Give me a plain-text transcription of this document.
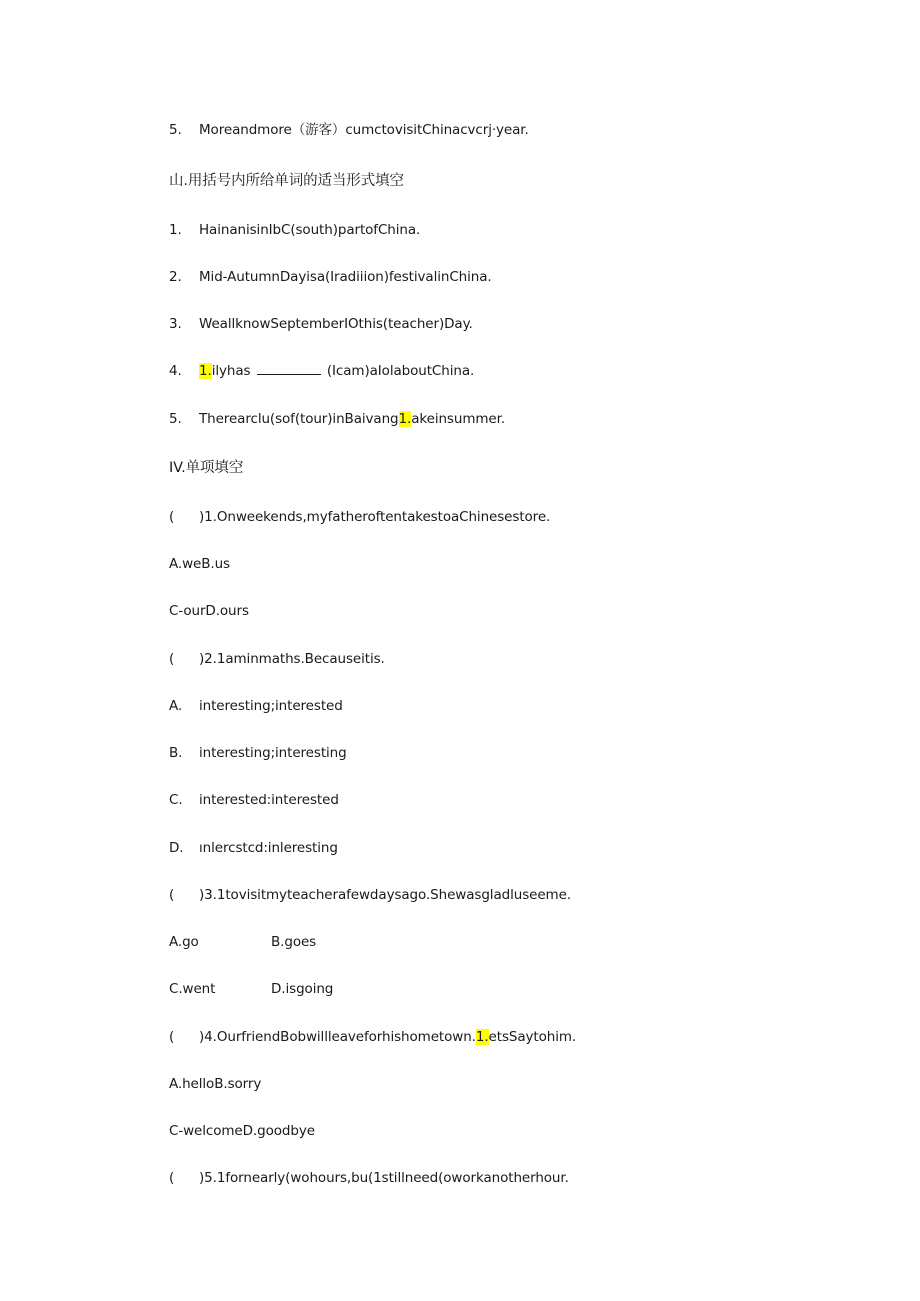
5. Moreandmore（游客）cumctovisitChinacvcrj·year.
山.用括号内所给单词的适当形式填空
1. HainanisinIbC(south)partofChina.
2. Mid-AutumnDayisa(Iradiiion)festivalinChina.
3. WeallknowSeptemberIOthis(teacher)Day.
4. 1.ilyhas	(Icam)aIolaboutChina.
5. Therearclu(sof(tour)inBaivang1.akeinsummer.
IV.单项填空
( )1.Onweekends,myfatheroftentakestoaChinesestore.
A.weB.us
C-ourD.ours
( )2.1aminmaths.Becauseitis.
A. interesting;interested
B. interesting;interesting
C. interested:interested
D. ınlercstcd:inleresting
( )3.1tovisitmyteacherafewdaysago.Shewasgladluseeme.
A.go	B.goes
C.went	D.isgoing
( )4.OurfriendBobwillleaveforhishometown.1.etsSaytohim.
A.helloB.sorry
C-welcomeD.goodbye
( )5.1fornearly(wohours,bu(1stillneed(oworkanotherhour.
